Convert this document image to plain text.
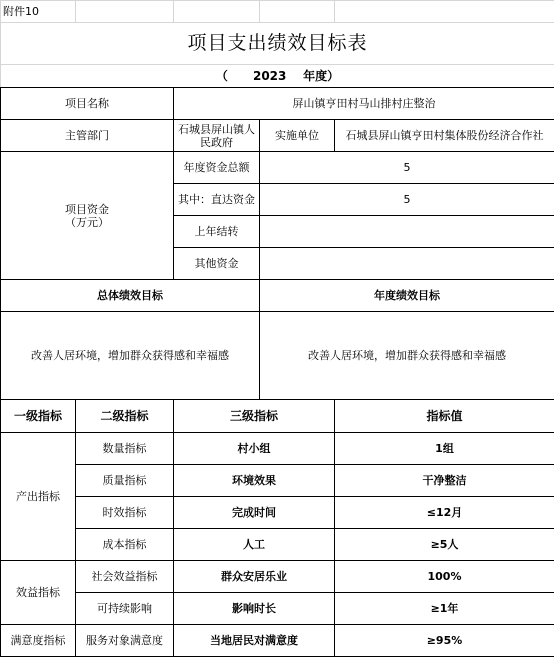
附件10				
项目支出绩效目标表				
（      2023    年度）				
项目名称		屏山镇亨田村马山排村庄整治		
主管部门		石城县屏山镇人民政府	实施单位	石城县屏山镇亨田村集体股份经济合作社
项目资金
（万元）		年度资金总额	5	
		其中：直达资金	5	
		上年结转		
		其他资金		
总体绩效目标			年度绩效目标	
改善人居环境，增加群众获得感和幸福感			改善人居环境，增加群众获得感和幸福感	
一级指标	二级指标	三级指标		指标值
产出指标	数量指标	村小组		1组
	质量指标	环境效果		干净整洁
	时效指标	完成时间		≤12月
	成本指标	人工		≥5人
效益指标	社会效益指标	群众安居乐业		100%
	可持续影响	影响时长		≥1年
满意度指标	服务对象满意度	当地居民对满意度		≥95%
